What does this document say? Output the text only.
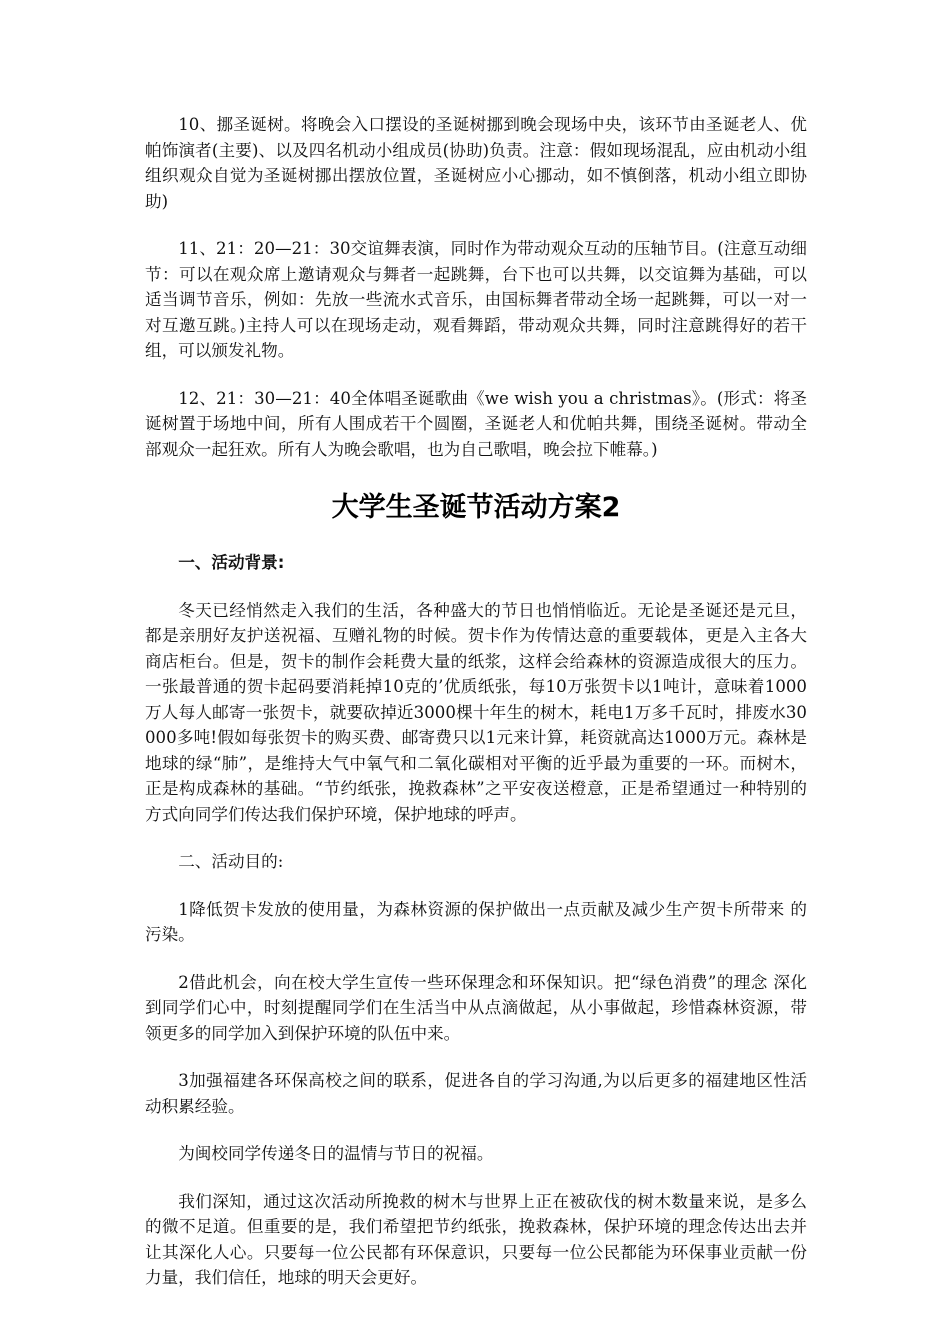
10、挪圣诞树。将晚会入口摆设的圣诞树挪到晚会现场中央，该环节由圣诞老人、优帕饰演者(主要)、以及四名机动小组成员(协助)负责。注意：假如现场混乱，应由机动小组组织观众自觉为圣诞树挪出摆放位置，圣诞树应小心挪动，如不慎倒落，机动小组立即协助)

11、21：20—21：30交谊舞表演，同时作为带动观众互动的压轴节目。(注意互动细节：可以在观众席上邀请观众与舞者一起跳舞，台下也可以共舞，以交谊舞为基础，可以适当调节音乐，例如：先放一些流水式音乐，由国标舞者带动全场一起跳舞，可以一对一对互邀互跳。)主持人可以在现场走动，观看舞蹈，带动观众共舞，同时注意跳得好的若干组，可以颁发礼物。

12、21：30—21：40全体唱圣诞歌曲《we wish you a christmas》。(形式：将圣诞树置于场地中间，所有人围成若干个圆圈，圣诞老人和优帕共舞，围绕圣诞树。带动全部观众一起狂欢。所有人为晚会歌唱，也为自己歌唱，晚会拉下帷幕。)

大学生圣诞节活动方案2

一、活动背景:

冬天已经悄然走入我们的生活，各种盛大的节日也悄悄临近。无论是圣诞还是元旦，都是亲朋好友护送祝福、互赠礼物的时候。贺卡作为传情达意的重要载体，更是入主各大商店柜台。但是，贺卡的制作会耗费大量的纸浆，这样会给森林的资源造成很大的压力。一张最普通的贺卡起码要消耗掉10克的’优质纸张，每10万张贺卡以1吨计，意味着1000万人每人邮寄一张贺卡，就要砍掉近3000棵十年生的树木，耗电1万多千瓦时，排废水30000多吨!假如每张贺卡的购买费、邮寄费只以1元来计算，耗资就高达1000万元。森林是地球的绿“肺”，是维持大气中氧气和二氧化碳相对平衡的近乎最为重要的一环。而树木，正是构成森林的基础。“节约纸张，挽救森林”之平安夜送橙意，正是希望通过一种特别的方式向同学们传达我们保护环境，保护地球的呼声。

二、活动目的:

1降低贺卡发放的使用量，为森林资源的保护做出一点贡献及减少生产贺卡所带来 的污染。

2借此机会，向在校大学生宣传一些环保理念和环保知识。把“绿色消费”的理念 深化到同学们心中，时刻提醒同学们在生活当中从点滴做起，从小事做起，珍惜森林资源，带领更多的同学加入到保护环境的队伍中来。

3加强福建各环保高校之间的联系，促进各自的学习沟通,为以后更多的福建地区性活动积累经验。

为闽校同学传递冬日的温情与节日的祝福。

我们深知，通过这次活动所挽救的树木与世界上正在被砍伐的树木数量来说，是多么的微不足道。但重要的是，我们希望把节约纸张，挽救森林，保护环境的理念传达出去并让其深化人心。只要每一位公民都有环保意识，只要每一位公民都能为环保事业贡献一份力量，我们信任，地球的明天会更好。
